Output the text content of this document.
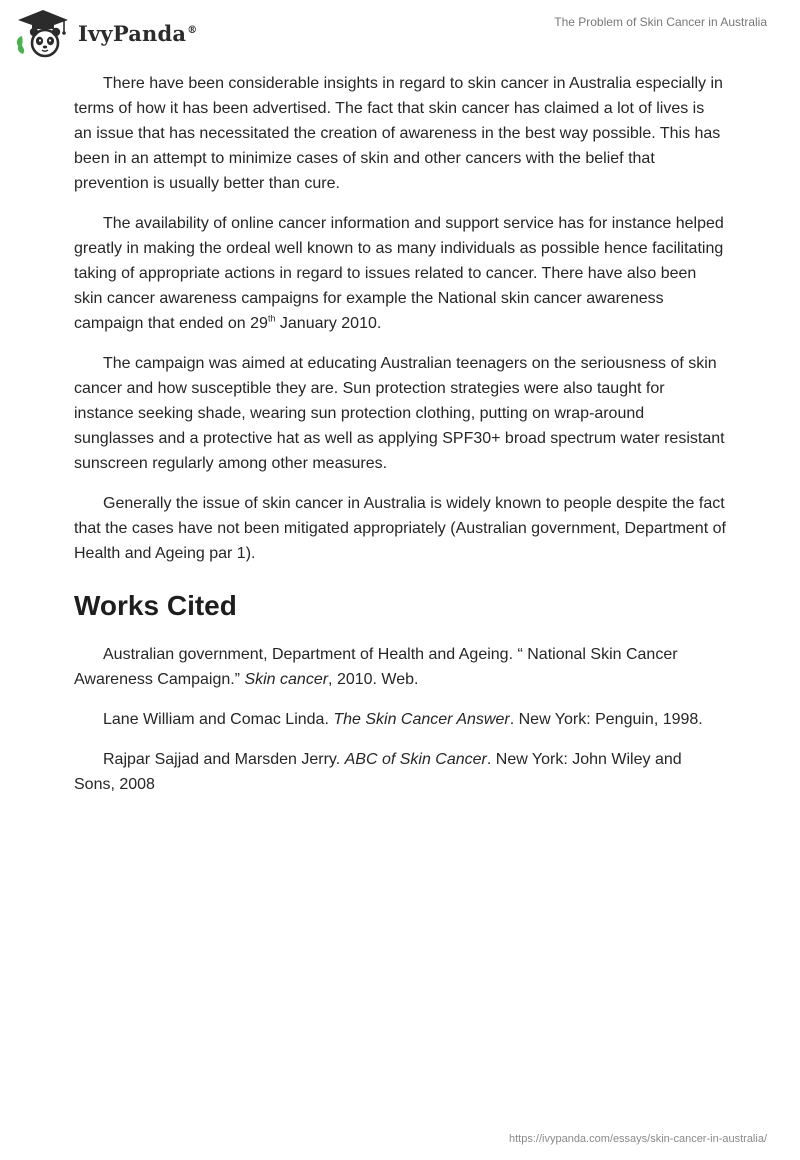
IvyPanda®
The Problem of Skin Cancer in Australia

There have been considerable insights in regard to skin cancer in Australia especially in terms of how it has been advertised. The fact that skin cancer has claimed a lot of lives is an issue that has necessitated the creation of awareness in the best way possible. This has been in an attempt to minimize cases of skin and other cancers with the belief that prevention is usually better than cure.

The availability of online cancer information and support service has for instance helped greatly in making the ordeal well known to as many individuals as possible hence facilitating taking of appropriate actions in regard to issues related to cancer. There have also been skin cancer awareness campaigns for example the National skin cancer awareness campaign that ended on 29th January 2010.

The campaign was aimed at educating Australian teenagers on the seriousness of skin cancer and how susceptible they are. Sun protection strategies were also taught for instance seeking shade, wearing sun protection clothing, putting on wrap-around sunglasses and a protective hat as well as applying SPF30+ broad spectrum water resistant sunscreen regularly among other measures.

Generally the issue of skin cancer in Australia is widely known to people despite the fact that the cases have not been mitigated appropriately (Australian government, Department of Health and Ageing par 1).

Works Cited

Australian government, Department of Health and Ageing. “ National Skin Cancer Awareness Campaign.” Skin cancer, 2010. Web.

Lane William and Comac Linda. The Skin Cancer Answer. New York: Penguin, 1998.

Rajpar Sajjad and Marsden Jerry. ABC of Skin Cancer. New York: John Wiley and Sons, 2008

https://ivypanda.com/essays/skin-cancer-in-australia/
